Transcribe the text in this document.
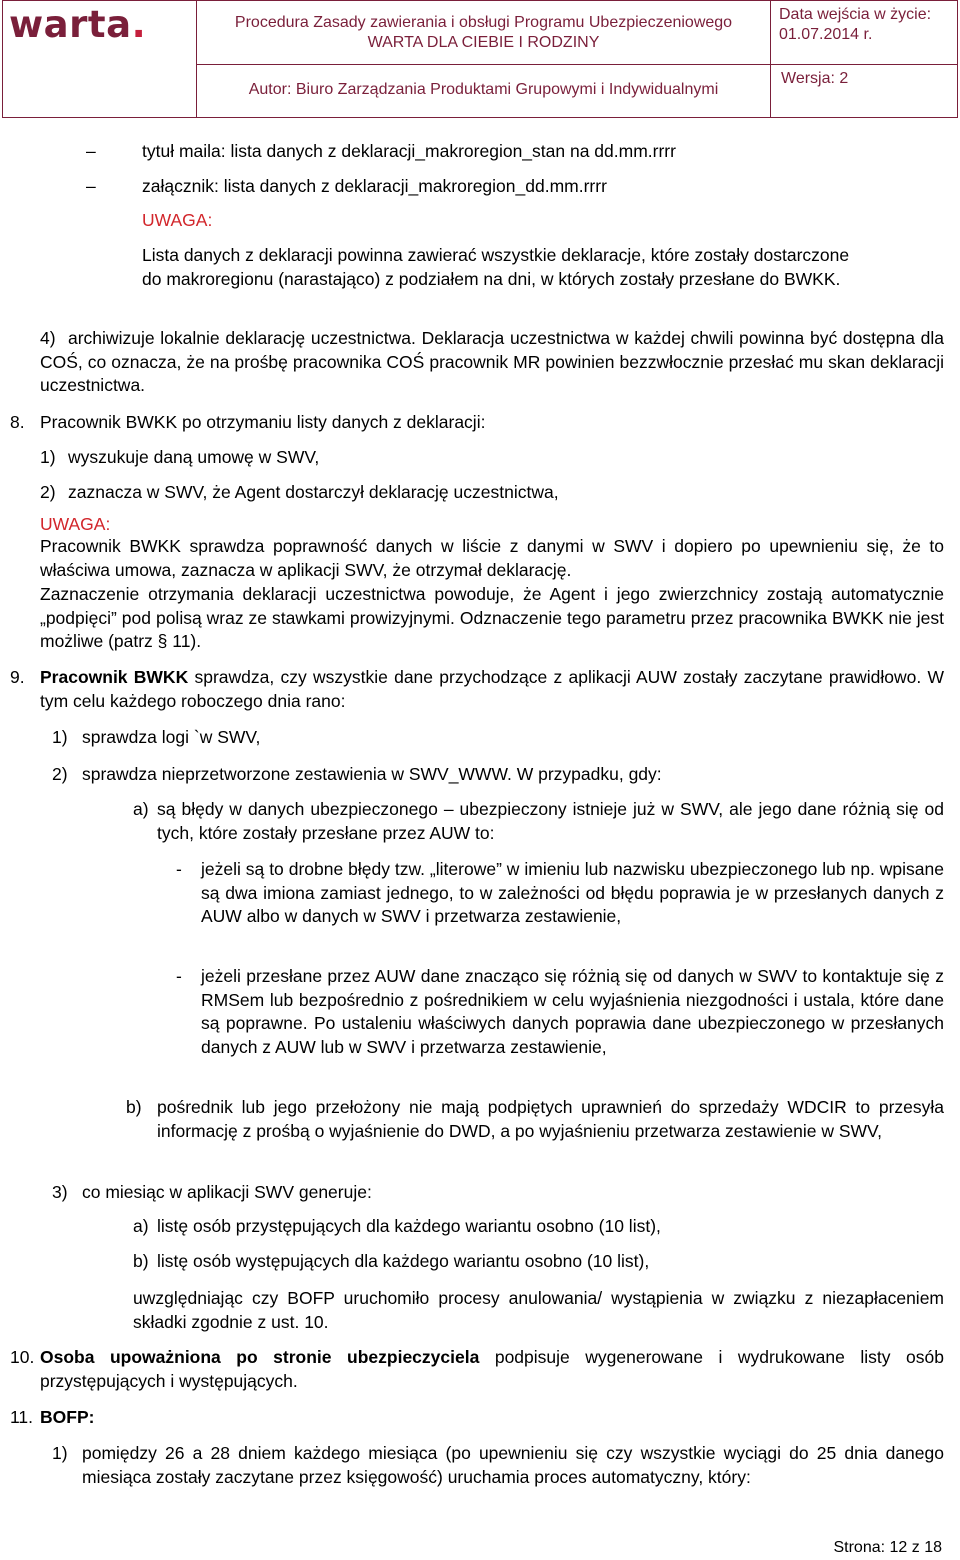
warta.	Procedura Zasady zawierania i obsługi Programu Ubezpieczeniowego
WARTA DLA CIEBIE I RODZINY
Data wejścia w życie:
01.07.2014 r.
Autor: Biuro Zarządzania Produktami Grupowymi i Indywidualnymi
Wersja: 2
–	tytuł maila: lista danych z deklaracji_makroregion_stan na dd.mm.rrrr
–	załącznik: lista danych z deklaracji_makroregion_dd.mm.rrrr
UWAGA:
Lista danych z deklaracji powinna zawierać wszystkie deklaracje, które zostały dostarczone do makroregionu (narastająco) z podziałem na dni, w których zostały przesłane do BWKK.
4) archiwizuje lokalnie deklarację uczestnictwa. Deklaracja uczestnictwa w każdej chwili powinna być dostępna dla COŚ, co oznacza, że na prośbę pracownika COŚ pracownik MR powinien bezzwłocznie przesłać mu skan deklaracji uczestnictwa.
8. Pracownik BWKK po otrzymaniu listy danych z deklaracji:
1) wyszukuje daną umowę w SWV,
2) zaznacza w SWV, że Agent dostarczył deklarację uczestnictwa,
UWAGA:
Pracownik BWKK sprawdza poprawność danych w liście z danymi w SWV i dopiero po upewnieniu się, że to właściwa umowa, zaznacza w aplikacji SWV, że otrzymał deklarację.
Zaznaczenie otrzymania deklaracji uczestnictwa powoduje, że Agent i jego zwierzchnicy zostają automatycznie „podpięci” pod polisą wraz ze stawkami prowizyjnymi. Odznaczenie tego parametru przez pracownika BWKK nie jest możliwe (patrz § 11).
9. Pracownik BWKK sprawdza, czy wszystkie dane przychodzące z aplikacji AUW zostały zaczytane prawidłowo. W tym celu każdego roboczego dnia rano:
1) sprawdza logi `w SWV,
2) sprawdza nieprzetworzone zestawienia w SWV_WWW. W przypadku, gdy:
a) są błędy w danych ubezpieczonego – ubezpieczony istnieje już w SWV, ale jego dane różnią się od tych, które zostały przesłane przez AUW to:
- jeżeli są to drobne błędy tzw. „literowe” w imieniu lub nazwisku ubezpieczonego lub np. wpisane są dwa imiona zamiast jednego, to w zależności od błędu poprawia je w przesłanych danych z AUW albo w danych w SWV i przetwarza zestawienie,
- jeżeli przesłane przez AUW dane znacząco się różnią się od danych w SWV to kontaktuje się z RMSem lub bezpośrednio z pośrednikiem w celu wyjaśnienia niezgodności i ustala, które dane są poprawne. Po ustaleniu właściwych danych poprawia dane ubezpieczonego w przesłanych danych z AUW lub w SWV i przetwarza zestawienie,
b) pośrednik lub jego przełożony nie mają podpiętych uprawnień do sprzedaży WDCIR to przesyła informację z prośbą o wyjaśnienie do DWD, a po wyjaśnieniu przetwarza zestawienie w SWV,
3) co miesiąc w aplikacji SWV generuje:
a) listę osób przystępujących dla każdego wariantu osobno (10 list),
b) listę osób występujących dla każdego wariantu osobno (10 list),
uwzględniając czy BOFP uruchomiło procesy anulowania/ wystąpienia w związku z niezapłaceniem składki zgodnie z ust. 10.
10. Osoba upoważniona po stronie ubezpieczyciela podpisuje wygenerowane i wydrukowane listy osób przystępujących i występujących.
11. BOFP:
1) pomiędzy 26 a 28 dniem każdego miesiąca (po upewnieniu się czy wszystkie wyciągi do 25 dnia danego miesiąca zostały zaczytane przez księgowość) uruchamia proces automatyczny, który:
Strona: 12 z 18
